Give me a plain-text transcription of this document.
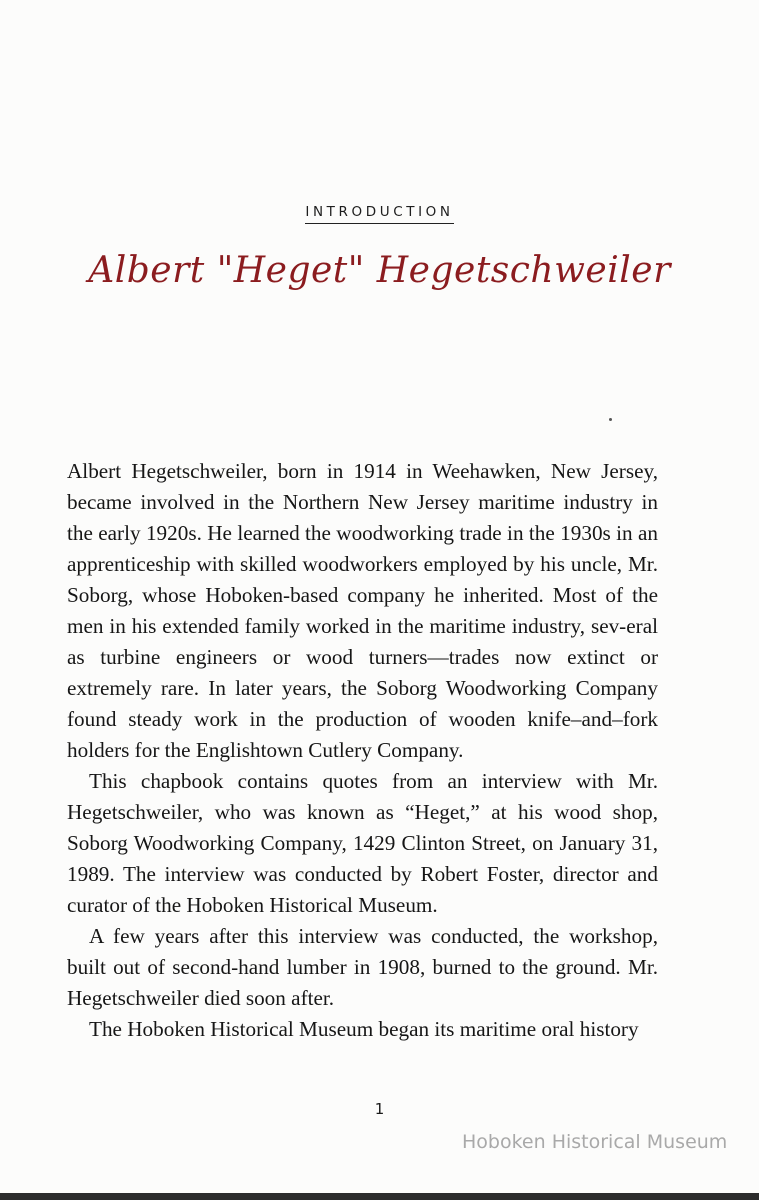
INTRODUCTION
Albert "Heget" Hegetschweiler

Albert Hegetschweiler, born in 1914 in Weehawken, New Jersey, became involved in the Northern New Jersey maritime industry in the early 1920s. He learned the woodworking trade in the 1930s in an apprenticeship with skilled woodworkers employed by his uncle, Mr. Soborg, whose Hoboken-based company he inherited. Most of the men in his extended family worked in the maritime industry, sev-eral as turbine engineers or wood turners—trades now extinct or extremely rare. In later years, the Soborg Woodworking Company found steady work in the production of wooden knife–and–fork holders for the Englishtown Cutlery Company.

This chapbook contains quotes from an interview with Mr. Hegetschweiler, who was known as “Heget,” at his wood shop, Soborg Woodworking Company, 1429 Clinton Street, on January 31, 1989. The interview was conducted by Robert Foster, director and curator of the Hoboken Historical Museum.

A few years after this interview was conducted, the workshop, built out of second-hand lumber in 1908, burned to the ground. Mr. Hegetschweiler died soon after.

The Hoboken Historical Museum began its maritime oral history

1
Hoboken Historical Museum
